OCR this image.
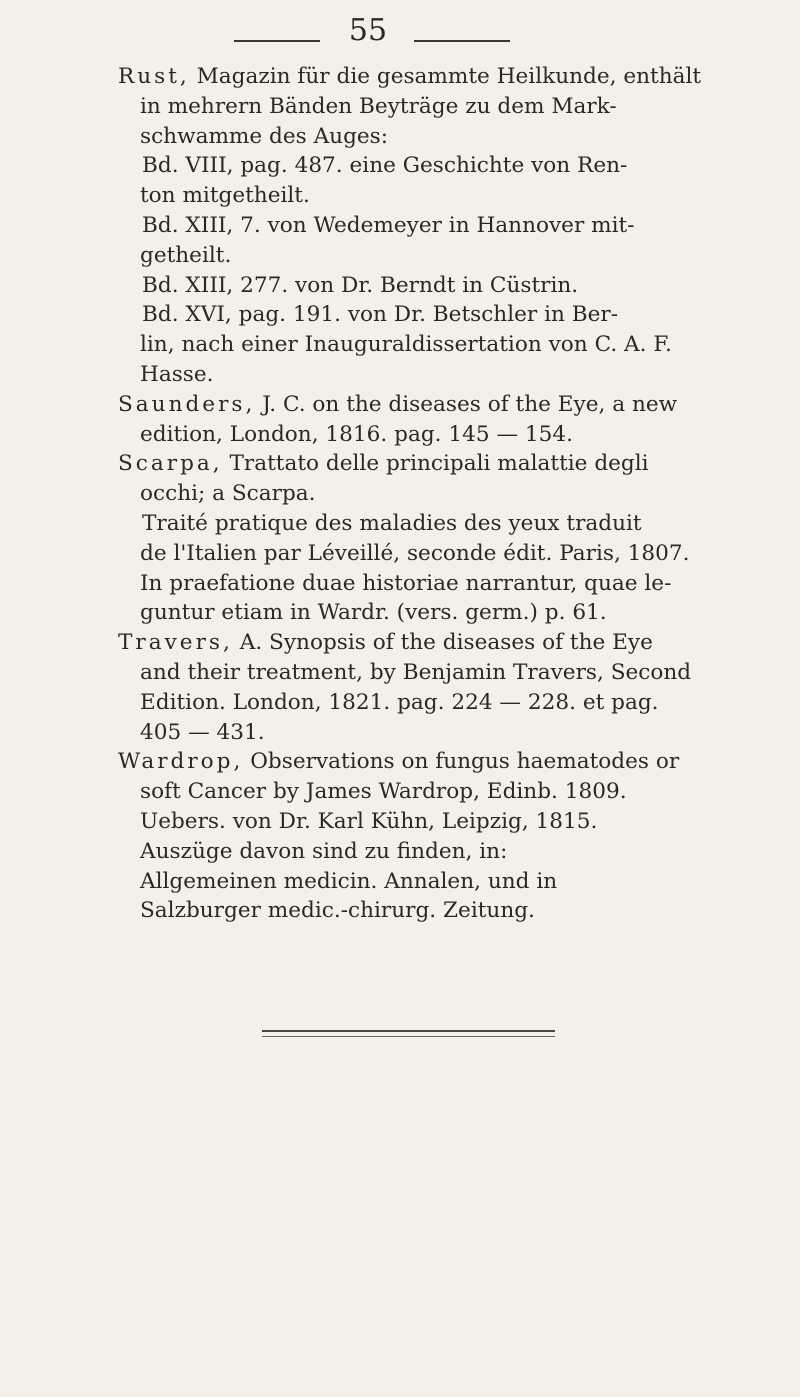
55
Rust, Magazin für die gesammte Heilkunde, enthält
in mehrern Bänden Beyträge zu dem Mark-
schwamme des Auges:
Bd. VIII, pag. 487. eine Geschichte von Ren-
ton mitgetheilt.
Bd. XIII, 7. von Wedemeyer in Hannover mit-
getheilt.
Bd. XIII, 277. von Dr. Berndt in Cüstrin.
Bd. XVI, pag. 191. von Dr. Betschler in Ber-
lin, nach einer Inauguraldissertation von C. A. F.
Hasse.
Saunders, J. C. on the diseases of the Eye, a new
edition, London, 1816. pag. 145 — 154.
Scarpa, Trattato delle principali malattie degli
occhi; a Scarpa.
Traité pratique des maladies des yeux traduit
de l'Italien par Léveillé, seconde édit. Paris, 1807.
In praefatione duae historiae narrantur, quae le-
guntur etiam in Wardr. (vers. germ.) p. 61.
Travers, A. Synopsis of the diseases of the Eye
and their treatment, by Benjamin Travers, Second
Edition. London, 1821. pag. 224 — 228. et pag.
405 — 431.
Wardrop, Observations on fungus haematodes or
soft Cancer by James Wardrop, Edinb. 1809.
Uebers. von Dr. Karl Kühn, Leipzig, 1815.
Auszüge davon sind zu finden, in:
Allgemeinen medicin. Annalen, und in
Salzburger medic.-chirurg. Zeitung.
